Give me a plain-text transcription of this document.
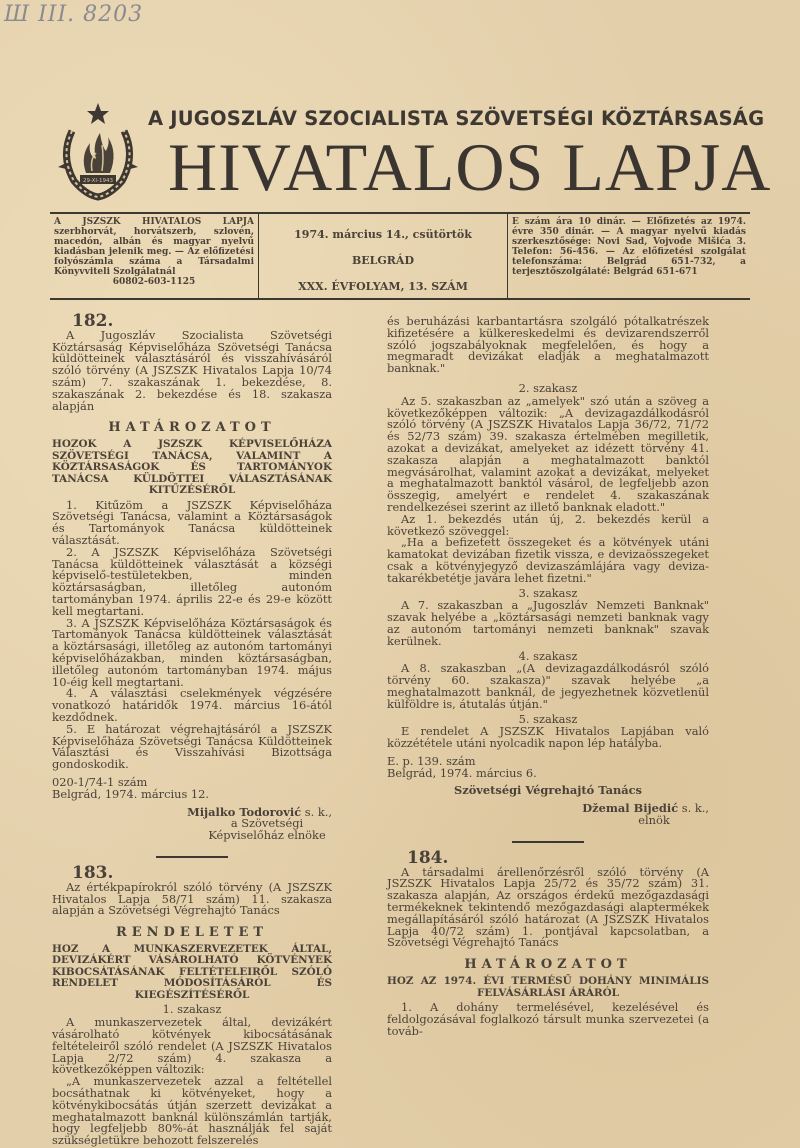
Ш III. 8203
29-XI-1943
A JUGOSZLÁV SZOCIALISTA SZÖVETSÉGI KÖZTÁRSASÁG
HIVATALOS LAPJA
A JSZSZK HIVATALOS LAPJA szerbhorvát, horvátszerb, szlovén, macedón, albán és magyar nyelvű kiadásban jelenik meg. — Az előfizetési folyószámla száma a Társadalmi Könyvviteli Szolgálatnál
60802-603-1125
1974. március 14., csütörtök
BELGRÁD
XXX. ÉVFOLYAM, 13. SZÁM
E szám ára 10 dinár. — Előfizetés az 1974. évre 350 dinár. — A magyar nyelvű kiadás szerkesztősége: Novi Sad, Vojvode Mišića 3. Telefon: 56-456. — Az előfizetési szolgálat telefonszáma: Belgrád 651-732, a terjesztőszolgálaté: Belgrád 651-671
182.

A Jugoszláv Szocialista Szövetségi Köztársaság Képviselőháza Szövetségi Tanácsa küldötteinek választásáról és visszahívásáról szóló törvény (A JSZSZK Hivatalos Lapja 10/74 szám) 7. szakaszának 1. bekezdése, 8. szakaszának 2. bekezdése és 18. szakasza alapján

HATÁROZATOT
HOZOK A JSZSZK KÉPVISELŐHÁZA SZÖVETSÉGI TANÁCSA, VALAMINT A KÖZTÁRSASÁGOK ÉS TARTOMÁNYOK TANÁCSA KÜLDÖTTEI VÁLASZTÁSÁNAK KITŰZÉSÉRŐL

1. Kitűzöm a JSZSZK Képviselőháza Szövetségi Tanácsa, valamint a Köztársaságok és Tartományok Tanácsa küldötteinek választását.

2. A JSZSZK Képviselőháza Szövetségi Tanácsa küldötteinek választását a községi képviselő-testületekben, minden köztársaságban, illetőleg autonóm tartományban 1974. április 22-e és 29-e között kell megtartani.

3. A JSZSZK Képviselőháza Köztársaságok és Tartományok Tanácsa küldötteinek választását a köztársasági, illetőleg az autonóm tartományi képviselőházakban, minden köztársaságban, illetőleg autonóm tartományban 1974. május 10-éig kell megtartani.

4. A választási cselekmények végzésére vonatkozó határidők 1974. március 16-ától kezdődnek.

5. E határozat végrehajtásáról a JSZSZK Képviselőháza Szövetségi Tanácsa Küldötteinek Választási és Visszahívási Bizottsága gondoskodik.

020-1/74-1 szám
Belgrád, 1974. március 12.
Mijalko Todorović s. k.,
a Szövetségi Képviselőház elnöke
183.

Az értékpapírokról szóló törvény (A JSZSZK Hivatalos Lapja 58/71 szám) 11. szakasza alapján a Szövetségi Végrehajtó Tanács

RENDELETET
HOZ A MUNKASZERVEZETEK ÁLTAL, DEVIZÁKÉRT VÁSÁROLHATÓ KÖTVÉNYEK KIBOCSÁTÁSÁNAK FELTÉTELEIRŐL SZÓLÓ RENDELET MÓDOSÍTÁSÁRÓL ÉS KIEGÉSZÍTÉSÉRŐL
1. szakasz

A munkaszervezetek által, devizákért vásárolható kötvények kibocsátásának feltételeiről szóló rendelet (A JSZSZK Hivatalos Lapja 2/72 szám) 4. szakasza a következőképpen változik:

„A munkaszervezetek azzal a feltétellel bocsáthatnak ki kötvényeket, hogy a kötvénykibocsátás útján szerzett devizákat a meghatalmazott banknál különszámlán tartják, hogy legfeljebb 80%-át használják fel saját szükségletükre behozott felszerelés

és beruházási karbantartásra szolgáló pótalkatrészek kifizetésére a külkereskedelmi és devizarendszerről szóló jogszabályoknak megfelelően, és hogy a megmaradt devizákat eladják a meghatalmazott banknak."

2. szakasz

Az 5. szakaszban az „amelyek" szó után a szöveg a következőképpen változik: „A devizagazdálkodásról szóló törvény (A JSZSZK Hivatalos Lapja 36/72, 71/72 és 52/73 szám) 39. szakasza értelmében megilletik, azokat a devizákat, amelyeket az idézett törvény 41. szakasza alapján a meghatalmazott banktól megvásárolhat, valamint azokat a devizákat, melyeket a meghatalmazott banktól vásárol, de legfeljebb azon összegig, amelyért e rendelet 4. szakaszának rendelkezései szerint az illető banknak eladott."

Az 1. bekezdés után új, 2. bekezdés kerül a következő szöveggel:

„Ha a befizetett összegeket és a kötvények utáni kamatokat devizában fizetik vissza, e devizaösszegeket csak a kötvényjegyző devizaszámlájára vagy deviza-takarékbetétje javára lehet fizetni."

3. szakasz

A 7. szakaszban a „Jugoszláv Nemzeti Banknak" szavak helyébe a „köztársasági nemzeti banknak vagy az autonóm tartományi nemzeti banknak" szavak kerülnek.

4. szakasz

A 8. szakaszban „(A devizagazdálkodásról szóló törvény 60. szakasza)" szavak helyébe „a meghatalmazott banknál, de jegyezhetnek közvetlenül külföldre is, átutalás útján."

5. szakasz

E rendelet A JSZSZK Hivatalos Lapjában való közzététele utáni nyolcadik napon lép hatályba.

E. p. 139. szám
Belgrád, 1974. március 6.
Szövetségi Végrehajtó Tanács
Džemal Bijedić s. k.,
elnök
184.

A társadalmi árellenőrzésről szóló törvény (A JSZSZK Hivatalos Lapja 25/72 és 35/72 szám) 31. szakasza alapján, Az országos érdekű mezőgazdasági termékeknek tekintendő mezőgazdasági alaptermékek megállapításáról szóló határozat (A JSZSZK Hivatalos Lapja 40/72 szám) 1. pontjával kapcsolatban, a Szövetségi Végrehajtó Tanács

HATÁROZATOT
HOZ AZ 1974. ÉVI TERMÉSŰ DOHÁNY MINIMÁLIS FELVÁSÁRLÁSI ÁRÁRÓL

1. A dohány termelésével, kezelésével és feldolgozásával foglalkozó társult munka szervezetei (a továb-
